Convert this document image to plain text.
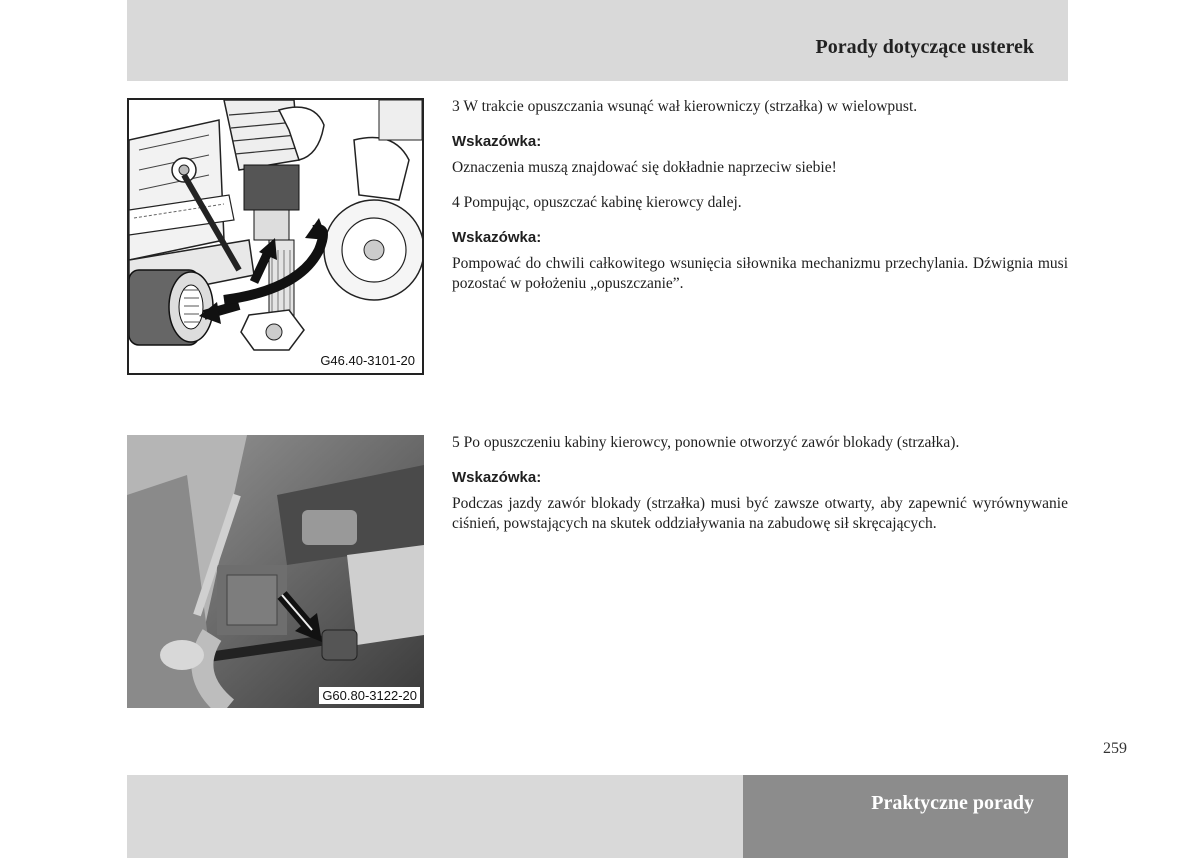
Porady dotyczące usterek
G46.40-3101-20
G60.80-3122-20

3 W trakcie opuszczania wsunąć wał kierowniczy (strzałka) w wielowpust.

Wskazówka:

Oznaczenia muszą znajdować się dokładnie naprzeciw siebie!

4 Pompując, opuszczać kabinę kierowcy dalej.

Wskazówka:

Pompować do chwili całkowitego wsunięcia siłownika mechanizmu przechylania. Dźwignia musi pozostać w położeniu „opuszczanie”.

5 Po opuszczeniu kabiny kierowcy, ponownie otworzyć zawór blokady (strzałka).

Wskazówka:

Podczas jazdy zawór blokady (strzałka) musi być zawsze otwarty, aby zapewnić wyrównywanie ciśnień, powstających na skutek oddziaływania na zabudowę sił skręcających.

259
Praktyczne porady
